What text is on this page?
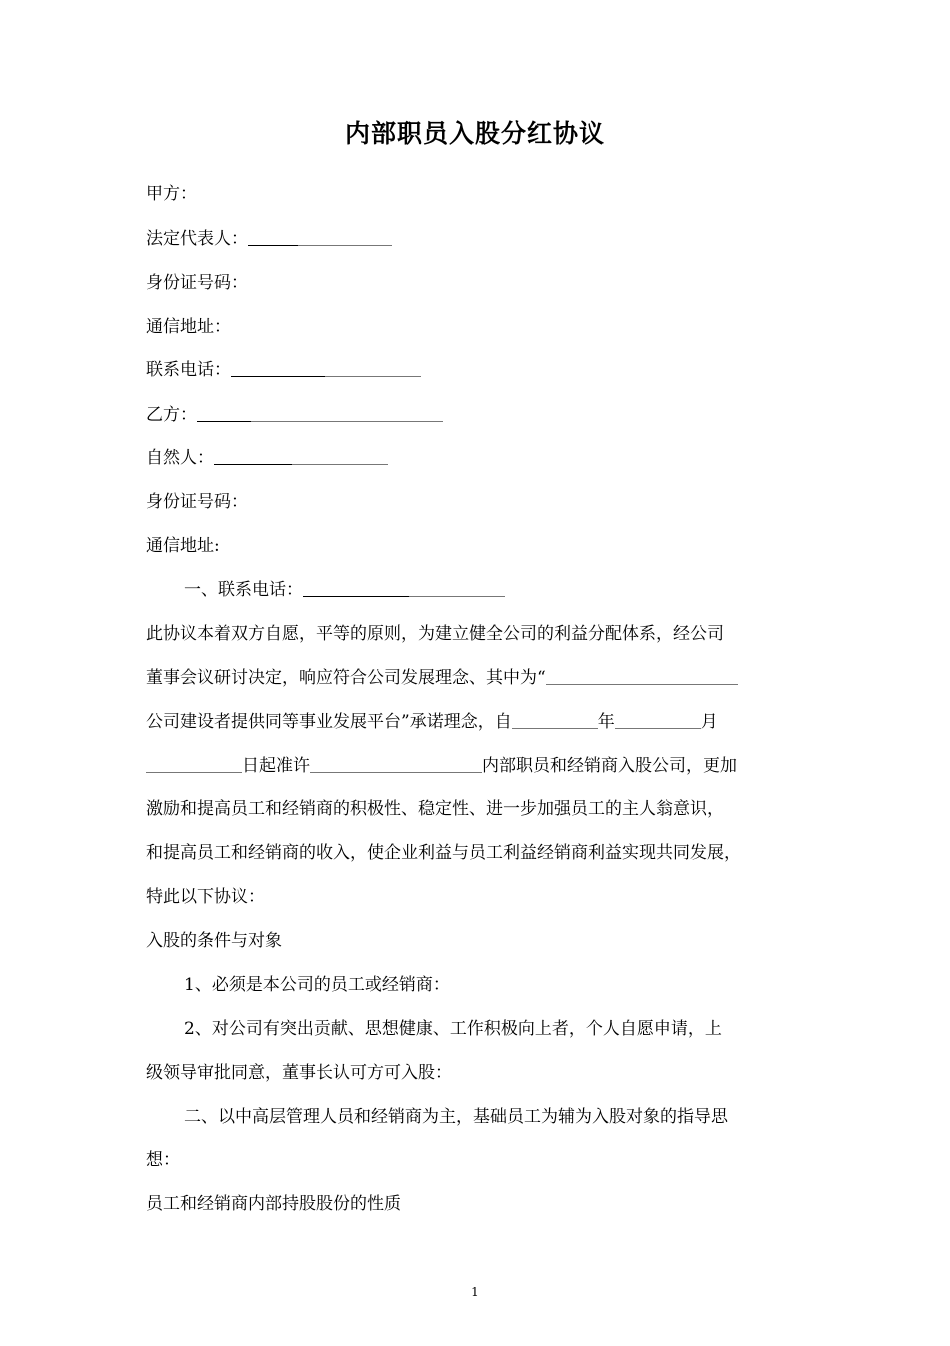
内部职员入股分红协议
甲方：
法定代表人：
身份证号码：
通信地址：
联系电话：
乙方：
自然人：
身份证号码：
通信地址:
一、联系电话：
此协议本着双方自愿，平等的原则，为建立健全公司的利益分配体系，经公司
董事会议研讨决定，响应符合公司发展理念、其中为“
公司建设者提供同等事业发展平台”承诺理念，自	年	月
日起准许	内部职员和经销商入股公司，更加
激励和提高员工和经销商的积极性、稳定性、进一步加强员工的主人翁意识，
和提高员工和经销商的收入，使企业利益与员工利益经销商利益实现共同发展，
特此以下协议：
入股的条件与对象
1、必须是本公司的员工或经销商：
2、对公司有突出贡献、思想健康、工作积极向上者，个人自愿申请，上
级领导审批同意，董事长认可方可入股：
二、以中高层管理人员和经销商为主，基础员工为辅为入股对象的指导思
想：
员工和经销商内部持股股份的性质
1
